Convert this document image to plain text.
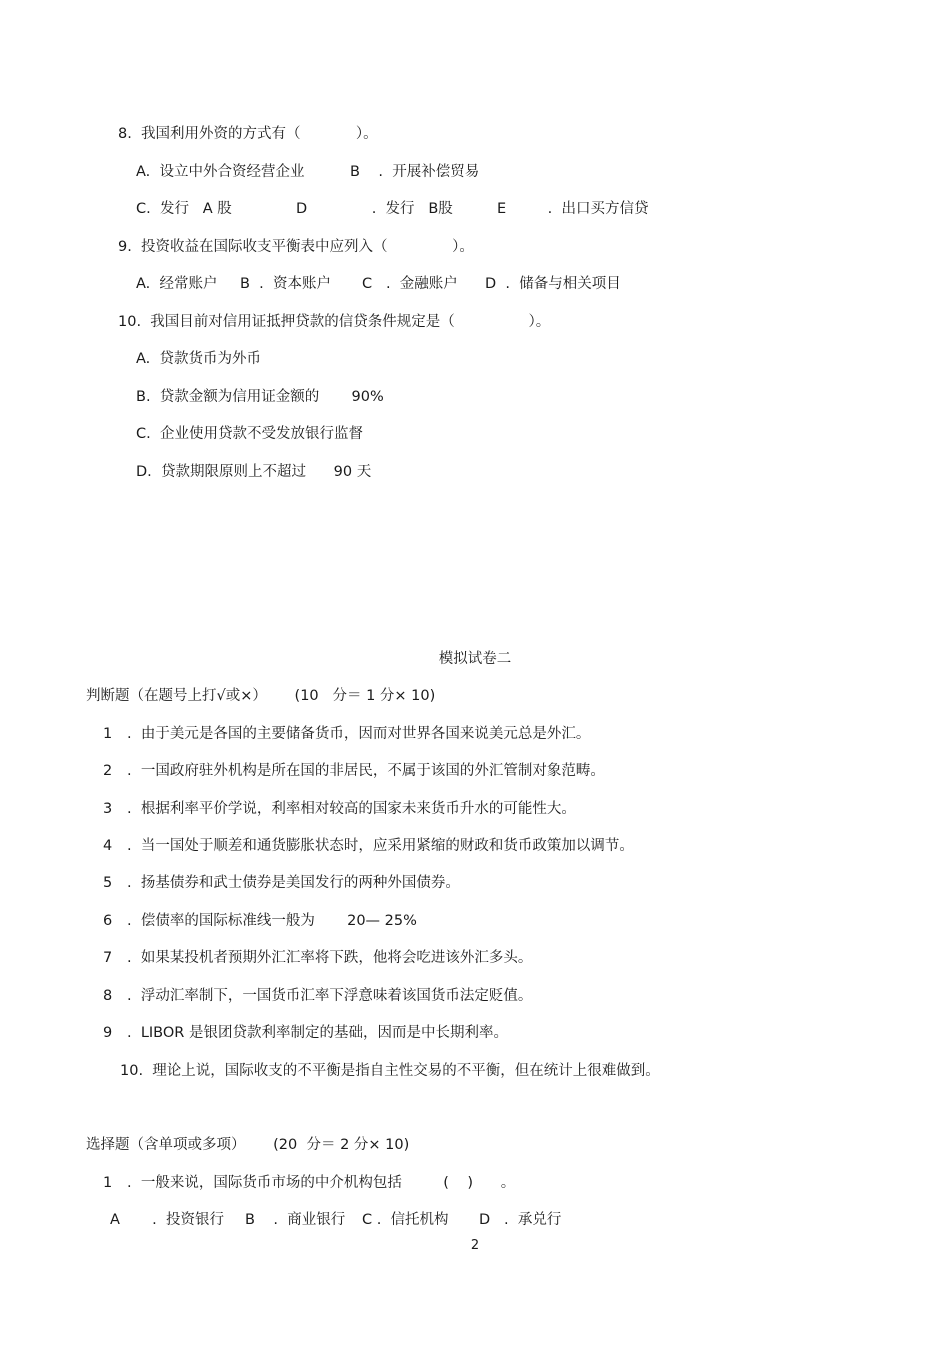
8.  我国利用外资的方式有（            ）。
A.  设立中外合资经营企业	B    .  开展补偿贸易
C.  发行   A 股	D              .  发行   B股	E         .  出口买方信贷
9.  投资收益在国际收支平衡表中应列入（              ）。
A.  经常账户 B  .  资本账户 C   .  金融账户 D  .  储备与相关项目
10.  我国目前对信用证抵押贷款的信贷条件规定是（                ）。
A.  贷款货币为外币
B.  贷款金额为信用证金额的       90%
C.  企业使用贷款不受发放银行监督
D.  贷款期限原则上不超过      90 天
模拟试卷二
判断题（在题号上打√或×）      (10   分＝ 1 分× 10)
1 .  由于美元是各国的主要储备货币，因而对世界各国来说美元总是外汇。
2 .  一国政府驻外机构是所在国的非居民，不属于该国的外汇管制对象范畴。
3 .  根据利率平价学说，利率相对较高的国家未来货币升水的可能性大。
4 .  当一国处于顺差和通货膨胀状态时，应采用紧缩的财政和货币政策加以调节。
5 .  扬基债券和武士债券是美国发行的两种外国债券。
6 .  偿债率的国际标准线一般为       20— 25%
7 .  如果某投机者预期外汇汇率将下跌，他将会吃进该外汇多头。
8 .  浮动汇率制下，一国货币汇率下浮意味着该国货币法定贬值。
9 .  LIBOR 是银团贷款利率制定的基础，因而是中长期利率。
10.  理论上说，国际收支的不平衡是指自主性交易的不平衡，但在统计上很难做到。
选择题（含单项或多项）      (20  分＝ 2 分× 10)
1 .  一般来说，国际货币市场的中介机构包括         (    )      。
A       .  投资银行 B    .  商业银行 C .  信托机构 D   .  承兑行
2
